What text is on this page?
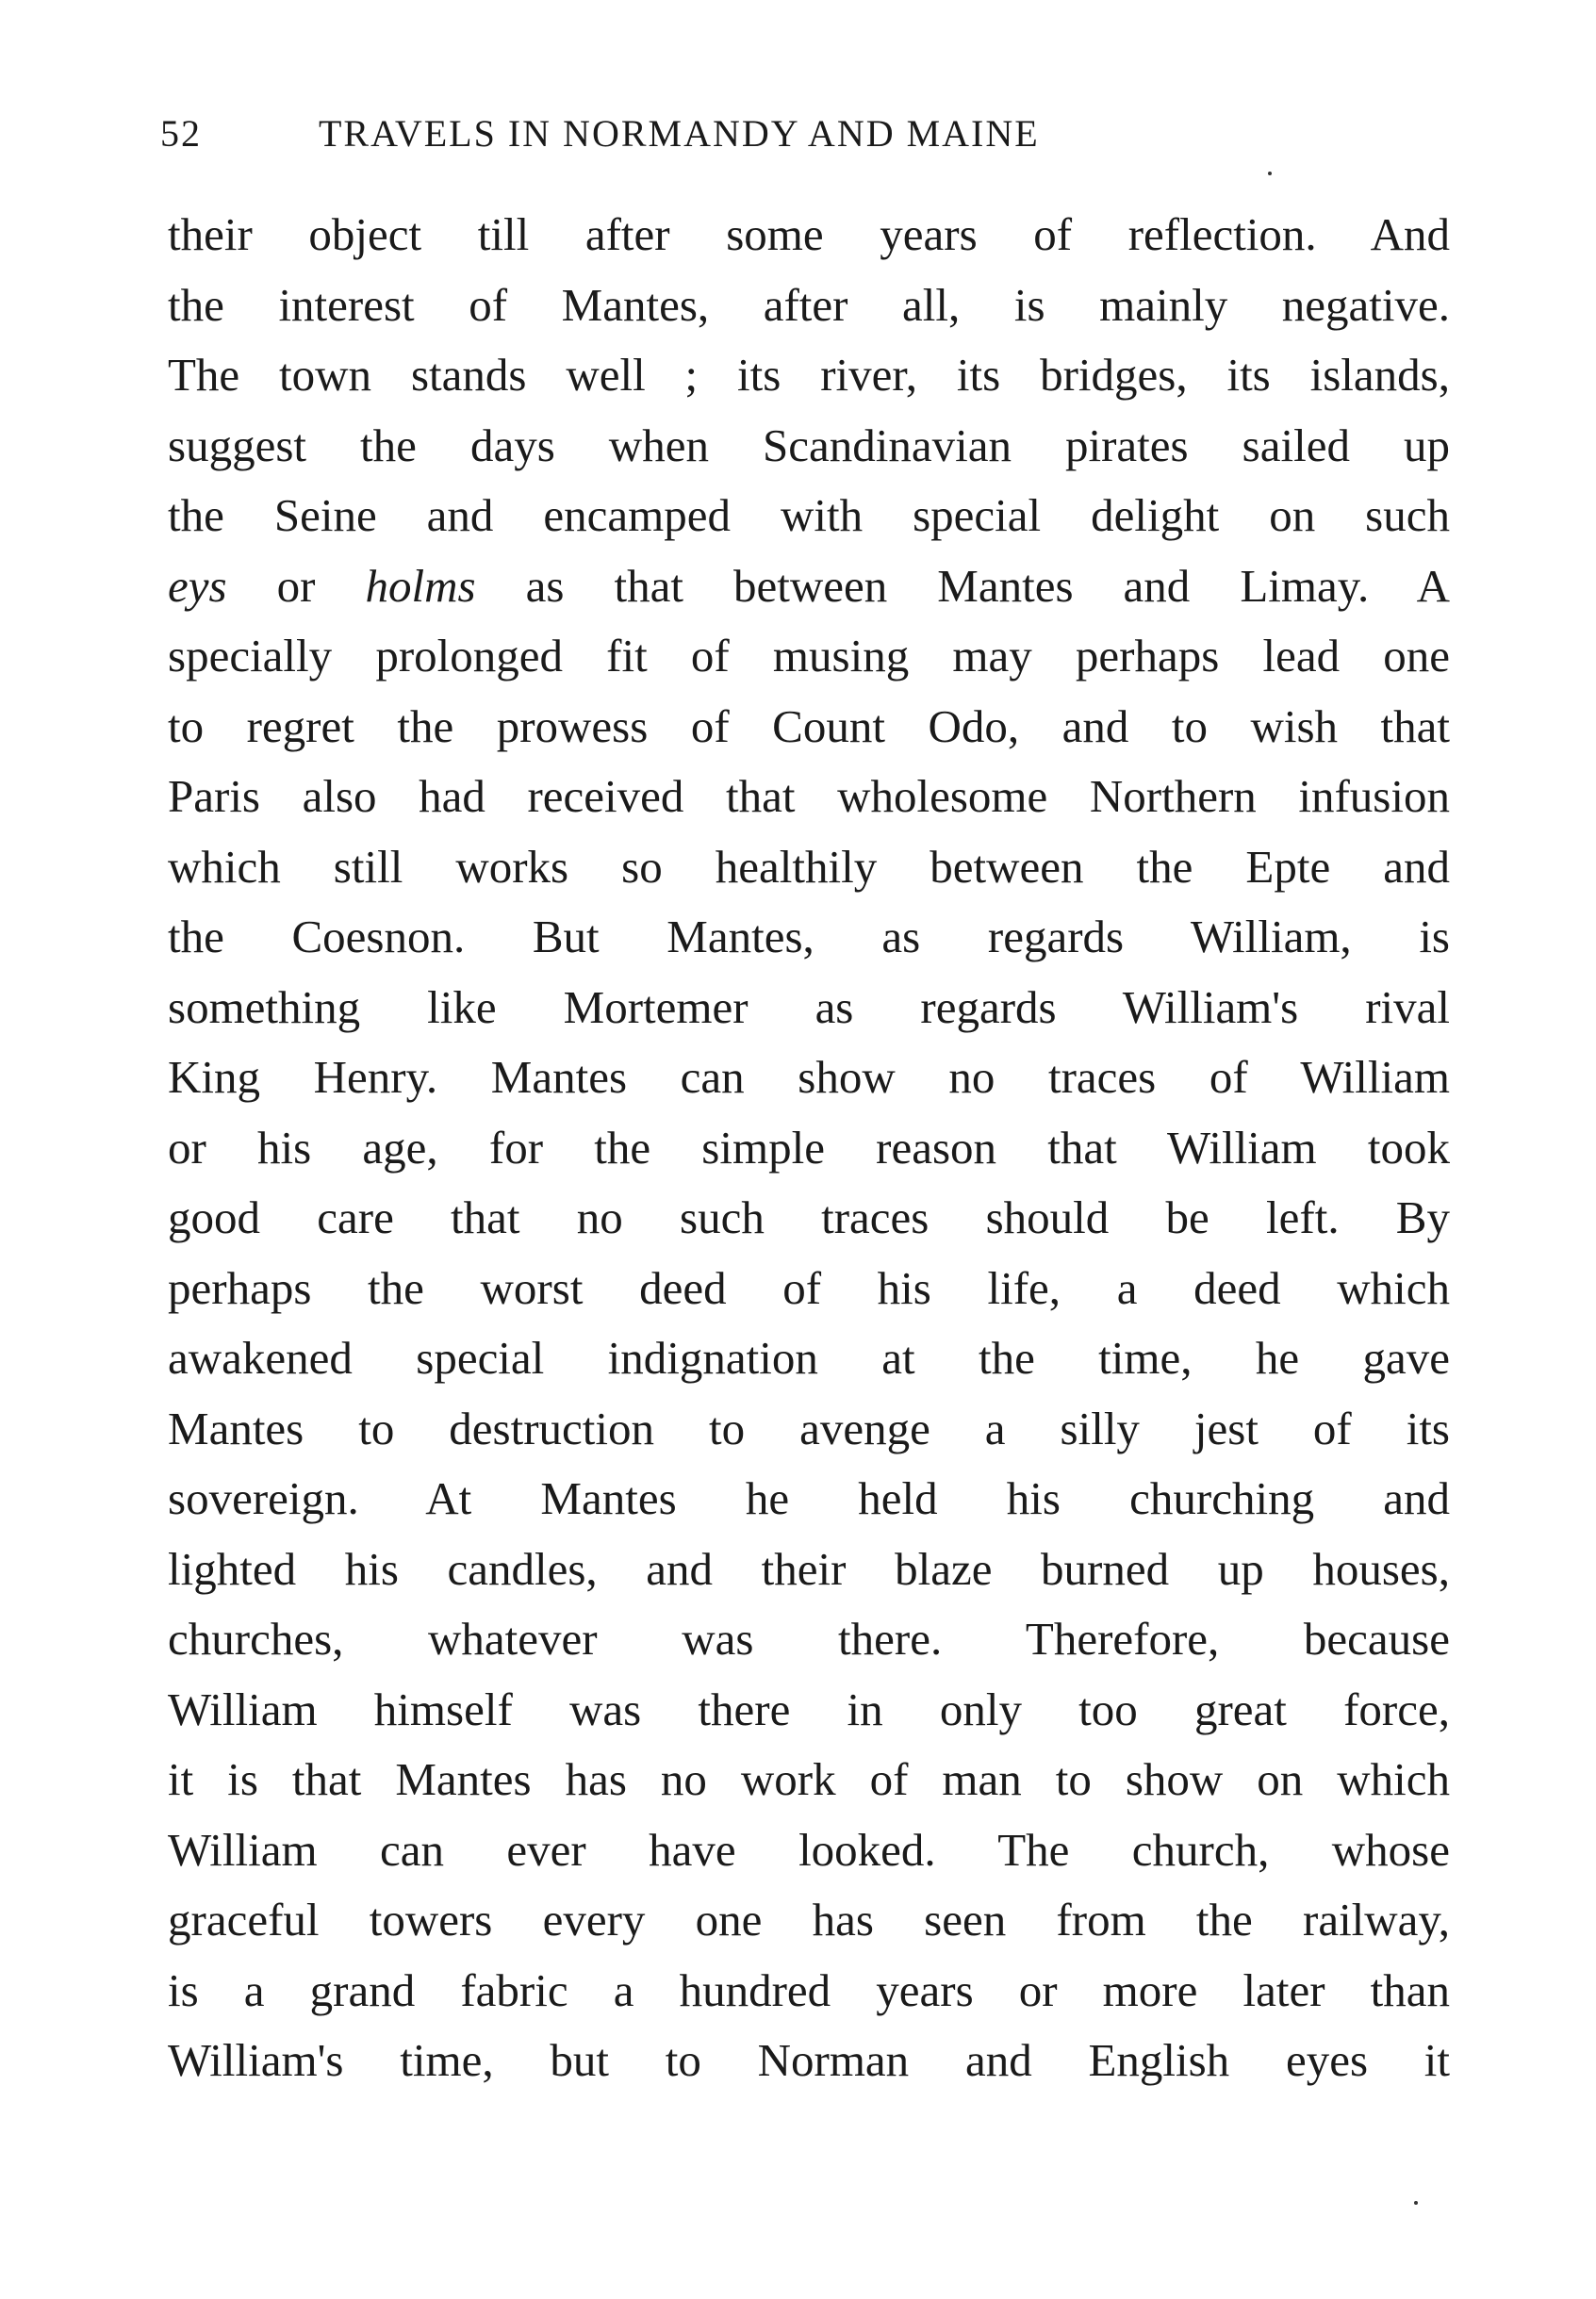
52	TRAVELS IN NORMANDY AND MAINE
their object till after some years of reflection. And
the interest of Mantes, after all, is mainly negative.
The town stands well ; its river, its bridges, its islands,
suggest the days when Scandinavian pirates sailed up
the Seine and encamped with special delight on such
eys or holms as that between Mantes and Limay. A
specially prolonged fit of musing may perhaps lead one
to regret the prowess of Count Odo, and to wish that
Paris also had received that wholesome Northern infusion
which still works so healthily between the Epte and
the Coesnon. But Mantes, as regards William, is
something like Mortemer as regards William's rival
King Henry. Mantes can show no traces of William
or his age, for the simple reason that William took
good care that no such traces should be left. By
perhaps the worst deed of his life, a deed which
awakened special indignation at the time, he gave
Mantes to destruction to avenge a silly jest of its
sovereign. At Mantes he held his churching and
lighted his candles, and their blaze burned up houses,
churches, whatever was there. Therefore, because
William himself was there in only too great force,
it is that Mantes has no work of man to show on which
William can ever have looked. The church, whose
graceful towers every one has seen from the railway,
is a grand fabric a hundred years or more later than
William's time, but to Norman and English eyes it
